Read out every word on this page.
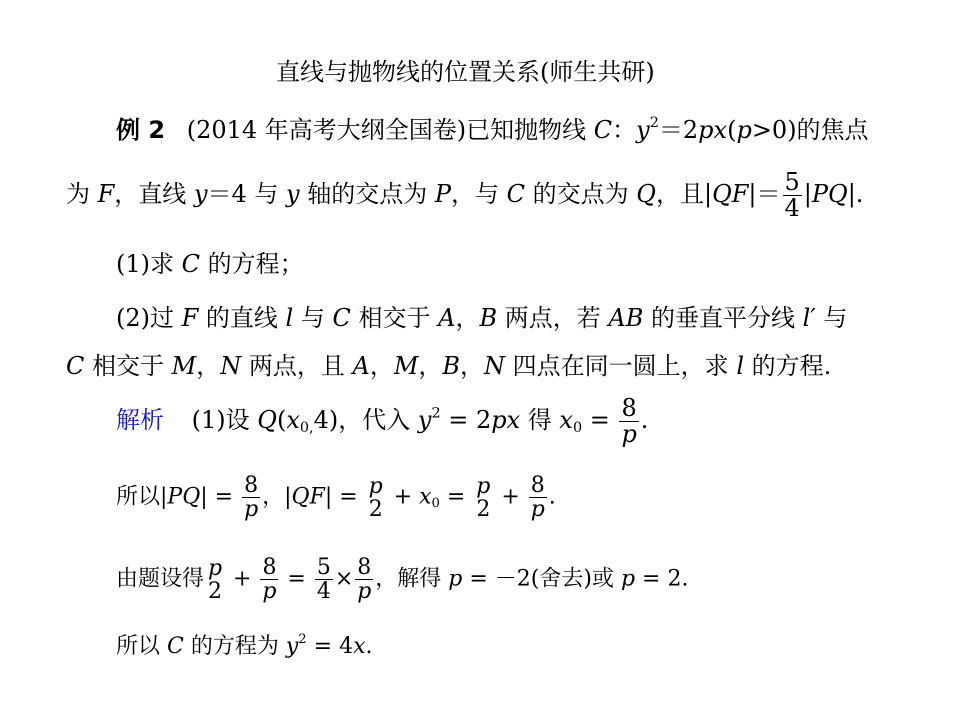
直线与抛物线的位置关系(师生共研)
例 2 (2014 年高考大纲全国卷)已知抛物线 C：$y^2=2px(p>0)$的焦点
为 F，直线 y＝4 与 y 轴的交点为 P，与 C 的交点为 Q，且$|QF|= \frac{5}{4} |PQ|$.
(1)求 C 的方程；
(2)过 F 的直线 l 与 C 相交于 A，B 两点，若 AB 的垂直平分线 l′ 与
C 相交于 M，N 两点，且 A，M，B，N 四点在同一圆上，求 l 的方程.
解析 (1)设 $Q(x_{0,}4)$，代入 $y^2 = 2px$ 得 $x_0 = \frac{8}{p}$.
所以$|PQ| = \frac{8}{p}$，|QF| = p
$2 + x_0 = p$
$2 + \frac{8}{p}$.
由题设得 p
$2 + \frac{8}{p} = \frac{5}{4} \times \frac{8}{p}$，解得 p = －2(舍去)或 p = 2.
所以 C 的方程为 $y^2 = 4x$.
